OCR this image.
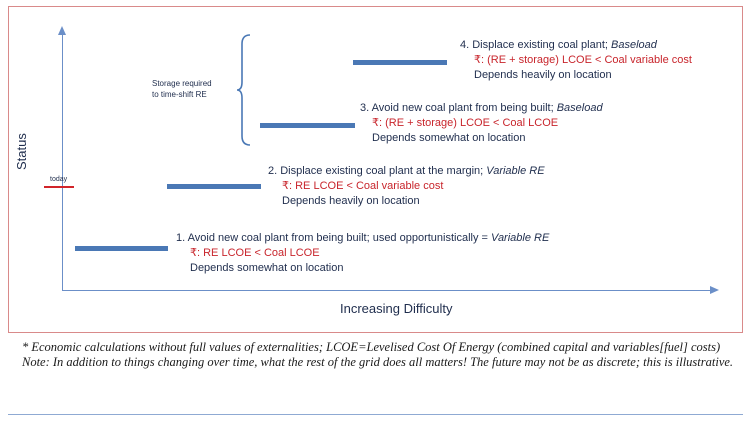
Status
Increasing Difficulty
today
Storage required
to time-shift RE
1. Avoid new coal plant from being built; used opportunistically = Variable RE
₹: RE LCOE < Coal LCOE
Depends somewhat on location
2. Displace existing coal plant at the margin; Variable RE
₹: RE LCOE < Coal variable cost
Depends heavily on location
3. Avoid new coal plant from being built; Baseload
₹: (RE + storage) LCOE < Coal LCOE
Depends somewhat on location
4. Displace existing coal plant; Baseload
₹: (RE + storage) LCOE < Coal variable cost
Depends heavily on location

* Economic calculations without full values of externalities; LCOE=Levelised Cost Of Energy (combined capital and variables[fuel] costs)

Note: In addition to things changing over time, what the rest of the grid does all matters! The future may not be as discrete; this is illustrative.
